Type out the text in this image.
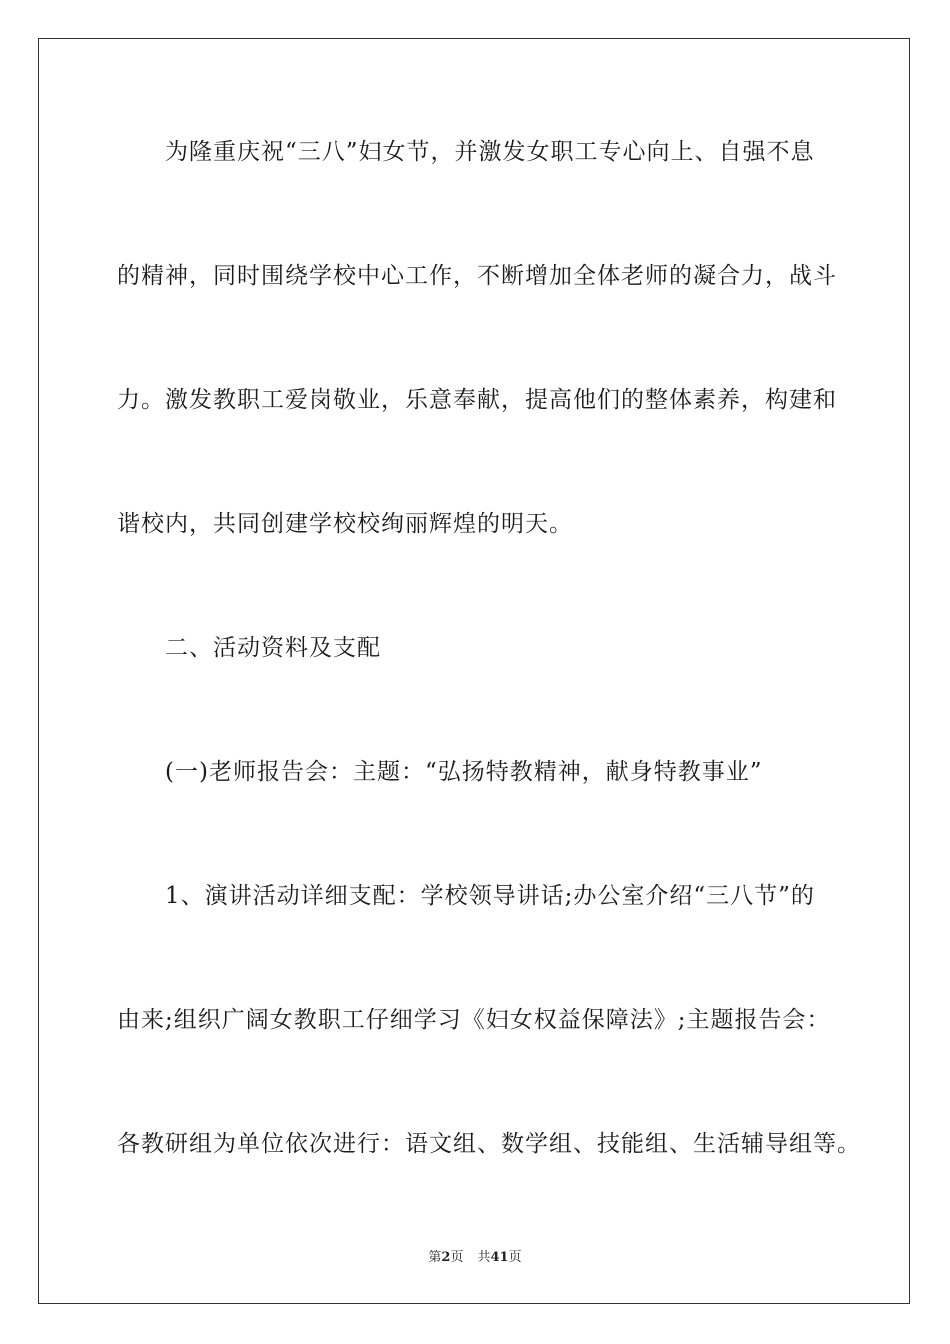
为隆重庆祝“三八”妇女节，并激发女职工专心向上、自强不息
的精神，同时围绕学校中心工作，不断增加全体老师的凝合力，战斗
力。激发教职工爱岗敬业，乐意奉献，提高他们的整体素养，构建和
谐校内，共同创建学校校绚丽辉煌的明天。
二、活动资料及支配
(一)老师报告会：主题：“弘扬特教精神，献身特教事业”
1、演讲活动详细支配：学校领导讲话;办公室介绍“三八节”的
由来;组织广阔女教职工仔细学习《妇女权益保障法》;主题报告会：
各教研组为单位依次进行：语文组、数学组、技能组、生活辅导组等。
第2页 共41页
